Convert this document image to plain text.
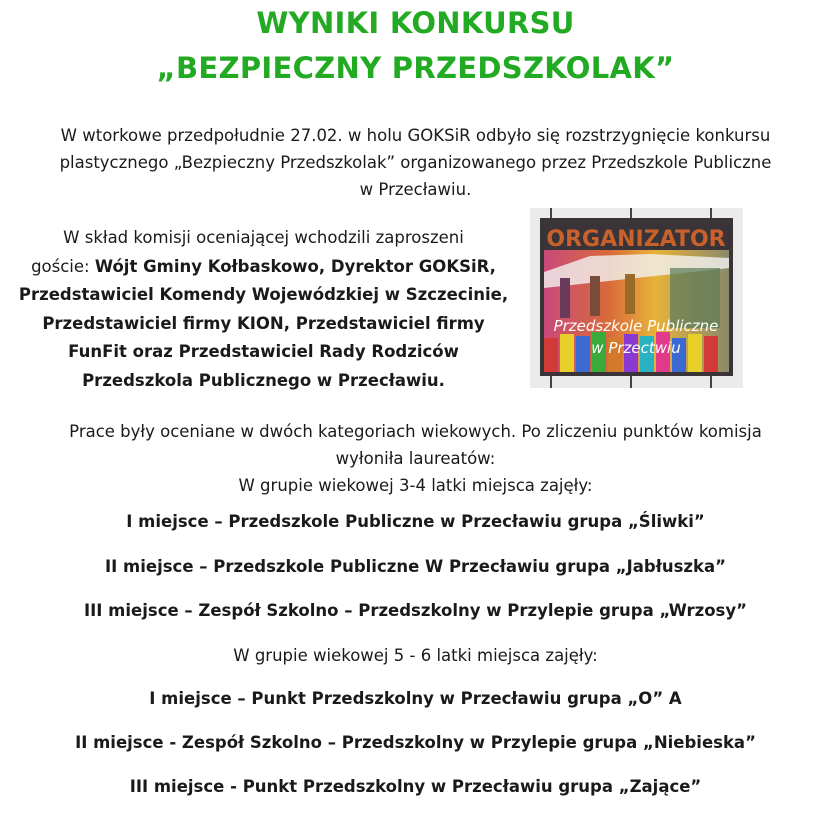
WYNIKI KONKURSU
„BEZPIECZNY PRZEDSZKOLAK”
W wtorkowe przedpołudnie 27.02. w holu GOKSiR odbyło się rozstrzygnięcie konkursu
plastycznego „Bezpieczny Przedszkolak” organizowanego przez Przedszkole Publiczne
w Przecławiu.
W skład komisji oceniającej wchodzili zaproszeni
goście: Wójt Gminy Kołbaskowo, Dyrektor GOKSiR,
Przedstawiciel Komendy Wojewódzkiej w Szczecinie,
Przedstawiciel firmy KION, Przedstawiciel firmy
FunFit oraz Przedstawiciel Rady Rodziców
Przedszkola Publicznego w Przecławiu.
ORGANIZATOR
Przedszkole Publiczne
w Przectwiu
Prace były oceniane w dwóch kategoriach wiekowych. Po zliczeniu punktów komisja
wyłoniła laureatów:
W grupie wiekowej 3-4 latki miejsca zajęły:
I miejsce – Przedszkole Publiczne w Przecławiu grupa „Śliwki”
II miejsce – Przedszkole Publiczne W Przecławiu grupa „Jabłuszka”
III miejsce – Zespół Szkolno – Przedszkolny w Przylepie grupa „Wrzosy”
W grupie wiekowej 5 - 6 latki miejsca zajęły:
I miejsce – Punkt Przedszkolny w Przecławiu grupa „O” A
II miejsce - Zespół Szkolno – Przedszkolny w Przylepie grupa „Niebieska”
III miejsce - Punkt Przedszkolny w Przecławiu grupa „Zające”
